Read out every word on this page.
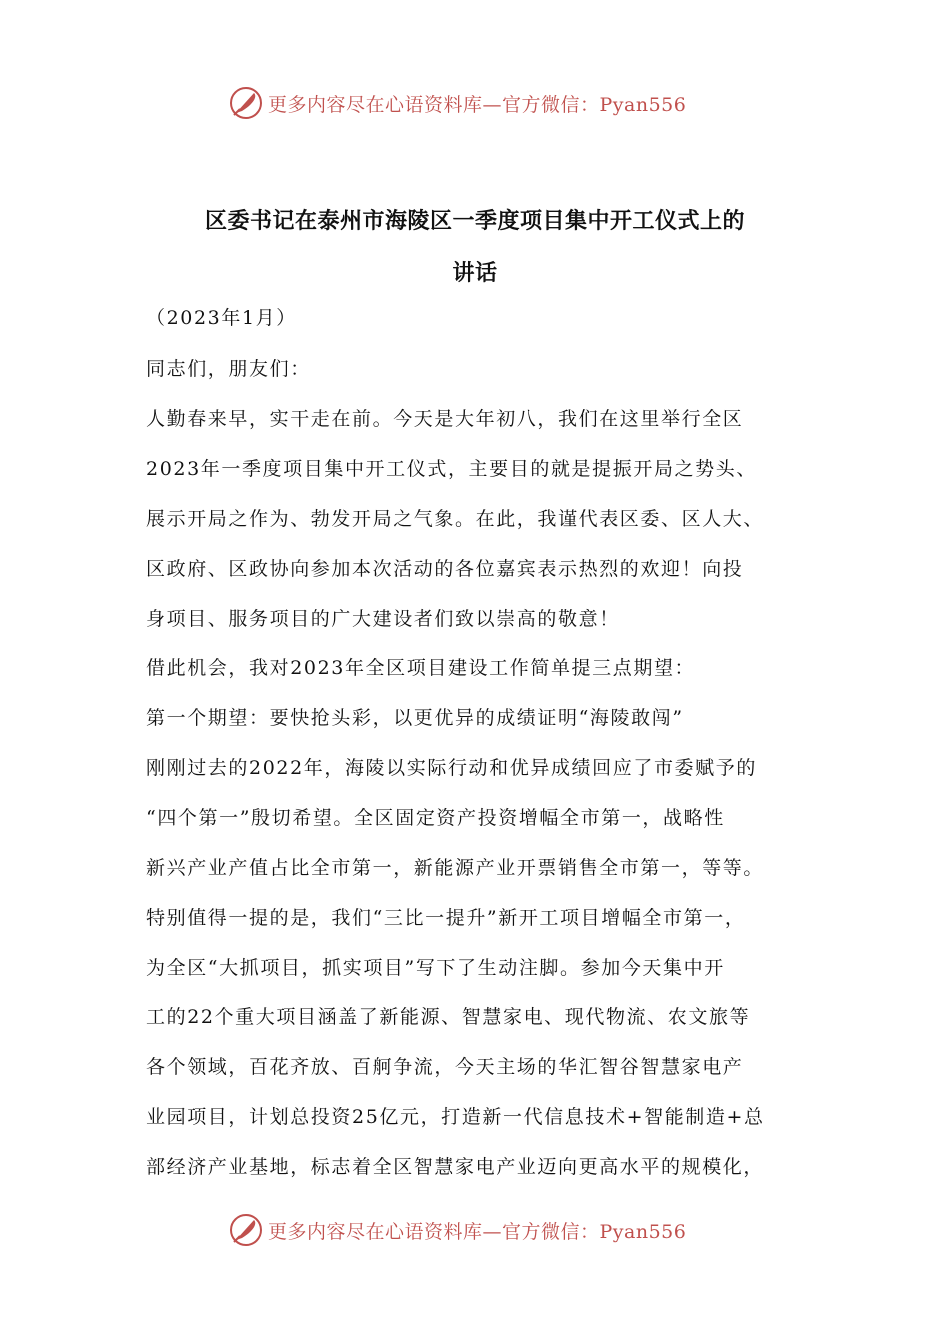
更多内容尽在心语资料库—官方微信：Pyan556
区委书记在泰州市海陵区一季度项目集中开工仪式上的
讲话
（2023年1月）
同志们，朋友们：
人勤春来早，实干走在前。今天是大年初八，我们在这里举行全区
2023年一季度项目集中开工仪式，主要目的就是提振开局之势头、
展示开局之作为、勃发开局之气象。在此，我谨代表区委、区人大、
区政府、区政协向参加本次活动的各位嘉宾表示热烈的欢迎！向投
身项目、服务项目的广大建设者们致以崇高的敬意！
借此机会，我对2023年全区项目建设工作简单提三点期望：
第一个期望：要快抢头彩，以更优异的成绩证明“海陵敢闯”
刚刚过去的2022年，海陵以实际行动和优异成绩回应了市委赋予的
“四个第一”殷切希望。全区固定资产投资增幅全市第一，战略性
新兴产业产值占比全市第一，新能源产业开票销售全市第一，等等。
特别值得一提的是，我们“三比一提升”新开工项目增幅全市第一，
为全区“大抓项目，抓实项目”写下了生动注脚。参加今天集中开
工的22个重大项目涵盖了新能源、智慧家电、现代物流、农文旅等
各个领域，百花齐放、百舸争流，今天主场的华汇智谷智慧家电产
业园项目，计划总投资25亿元，打造新一代信息技术+智能制造+总
部经济产业基地，标志着全区智慧家电产业迈向更高水平的规模化，
更多内容尽在心语资料库—官方微信：Pyan556
